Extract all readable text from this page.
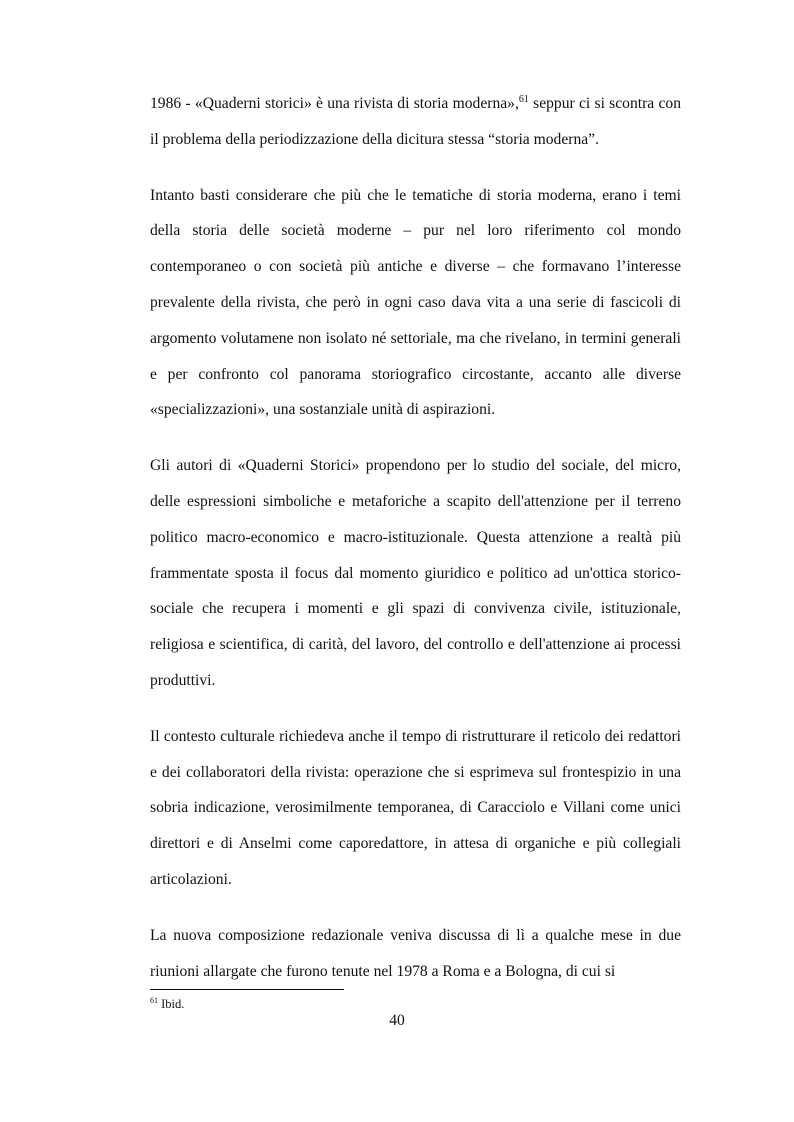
1986 - «Quaderni storici» è una rivista di storia moderna»,$^{61}$ seppur ci si scontra con il problema della periodizzazione della dicitura stessa “storia moderna”.

Intanto basti considerare che più che le tematiche di storia moderna, erano i temi della storia delle società moderne – pur nel loro riferimento col mondo contemporaneo o con società più antiche e diverse – che formavano l’interesse prevalente della rivista, che però in ogni caso dava vita a una serie di fascicoli di argomento volutamene non isolato né settoriale, ma che rivelano, in termini generali e per confronto col panorama storiografico circostante, accanto alle diverse «specializzazioni», una sostanziale unità di aspirazioni.

Gli autori di «Quaderni Storici» propendono per lo studio del sociale, del micro, delle espressioni simboliche e metaforiche a scapito dell'attenzione per il terreno politico macro-economico e macro-istituzionale. Questa attenzione a realtà più frammentate sposta il focus dal momento giuridico e politico ad un'ottica storico-sociale che recupera i momenti e gli spazi di convivenza civile, istituzionale, religiosa e scientifica, di carità, del lavoro, del controllo e dell'attenzione ai processi produttivi.

Il contesto culturale richiedeva anche il tempo di ristrutturare il reticolo dei redattori e dei collaboratori della rivista: operazione che si esprimeva sul frontespizio in una sobria indicazione, verosimilmente temporanea, di Caracciolo e Villani come unici direttori e di Anselmi come caporedattore, in attesa di organiche e più collegiali articolazioni.

La nuova composizione redazionale veniva discussa di lì a qualche mese in due riunioni allargate che furono tenute nel 1978 a Roma e a Bologna, di cui si

$^{61}$ Ibid.
40
